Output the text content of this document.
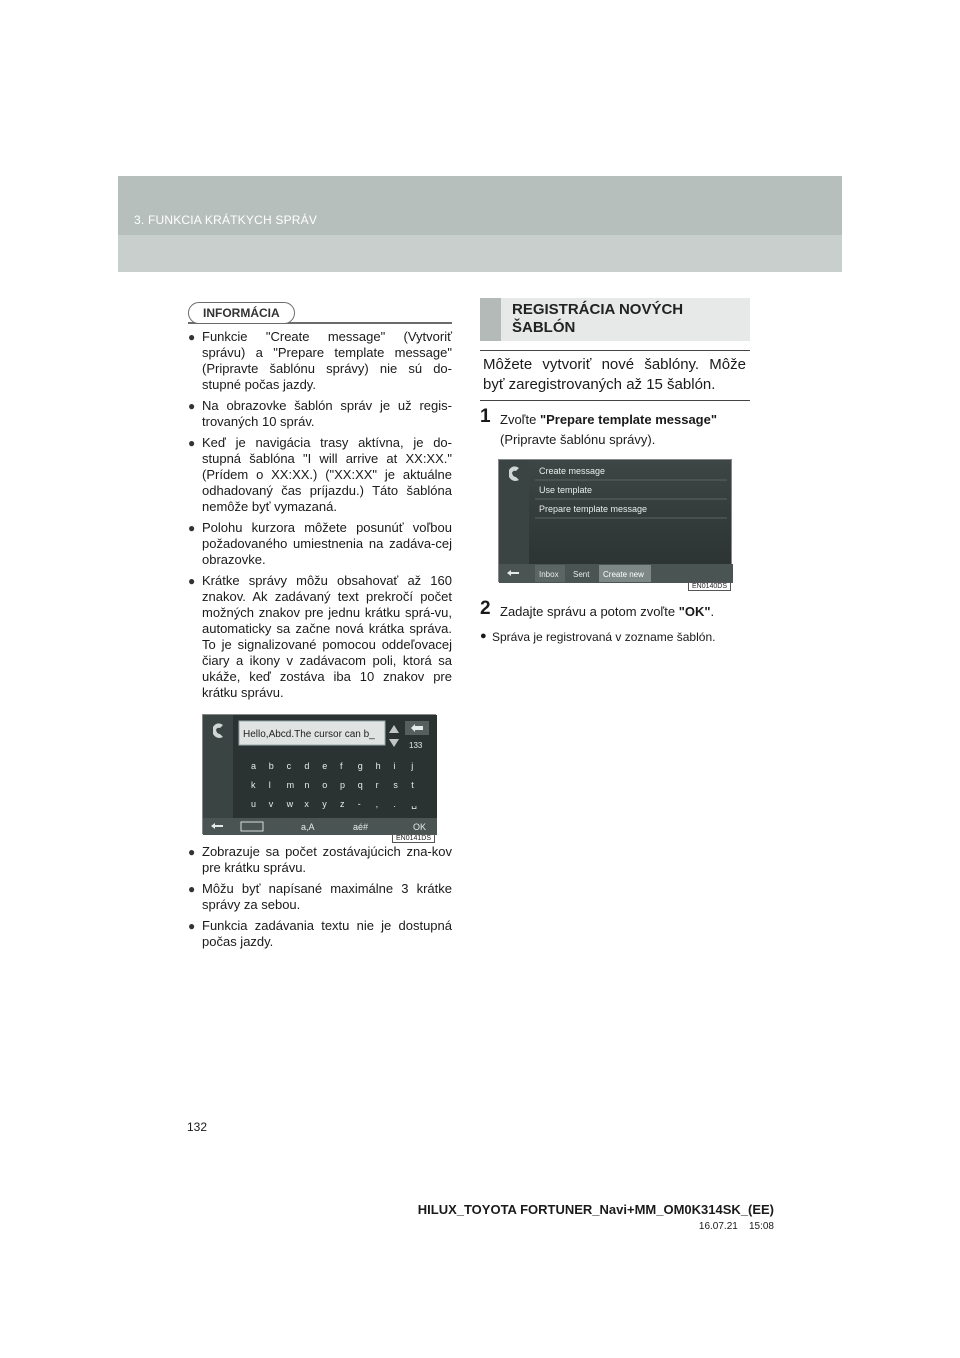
3. FUNKCIA KRÁTKYCH SPRÁV
INFORMÁCIA
● Funkcie "Create message" (Vytvoriť správu) a "Prepare template message" (Pripravte šablónu správy) nie sú do-stupné počas jazdy.
● Na obrazovke šablón správ je už regis-trovaných 10 správ.
● Keď je navigácia trasy aktívna, je do-stupná šablóna "I will arrive at XX:XX." (Prídem o XX:XX.) ("XX:XX" je aktuálne odhadovaný čas príjazdu.) Táto šablóna nemôže byť vymazaná.
● Polohu kurzora môžete posunúť voľbou požadovaného umiestnenia na zadáva-cej obrazovke.
● Krátke správy môžu obsahovať až 160 znakov. Ak zadávaný text prekročí počet možných znakov pre jednu krátku sprá-vu, automaticky sa začne nová krátka správa. To je signalizované pomocou oddeľovacej čiary a ikony v zadávacom poli, ktorá sa ukáže, keď zostáva iba 10 znakov pre krátku správu.
Hello,Abcd.The cursor can b_
133
a b c d e f g h i j
k l m n o p q r s t
u v w x y z - , . ␣
a,A	aé#	OK
EN0141DS
● Zobrazuje sa počet zostávajúcich zna-kov pre krátku správu.
● Môžu byť napísané maximálne 3 krátke správy za sebou.
● Funkcia zadávania textu nie je dostupná počas jazdy.
REGISTRÁCIA NOVÝCH
ŠABLÓN
Môžete vytvoriť nové šablóny. Môže byť zaregistrovaných až 15 šablón.
1 Zvoľte "Prepare template message"
(Pripravte šablónu správy).
Create message
Use template
Prepare template message
Inbox Sent Create new
EN0140DS
2 Zadajte správu a potom zvoľte "OK".
● Správa je registrovaná v zozname šablón.
132
HILUX_TOYOTA FORTUNER_Navi+MM_OM0K314SK_(EE)
16.07.21 15:08
